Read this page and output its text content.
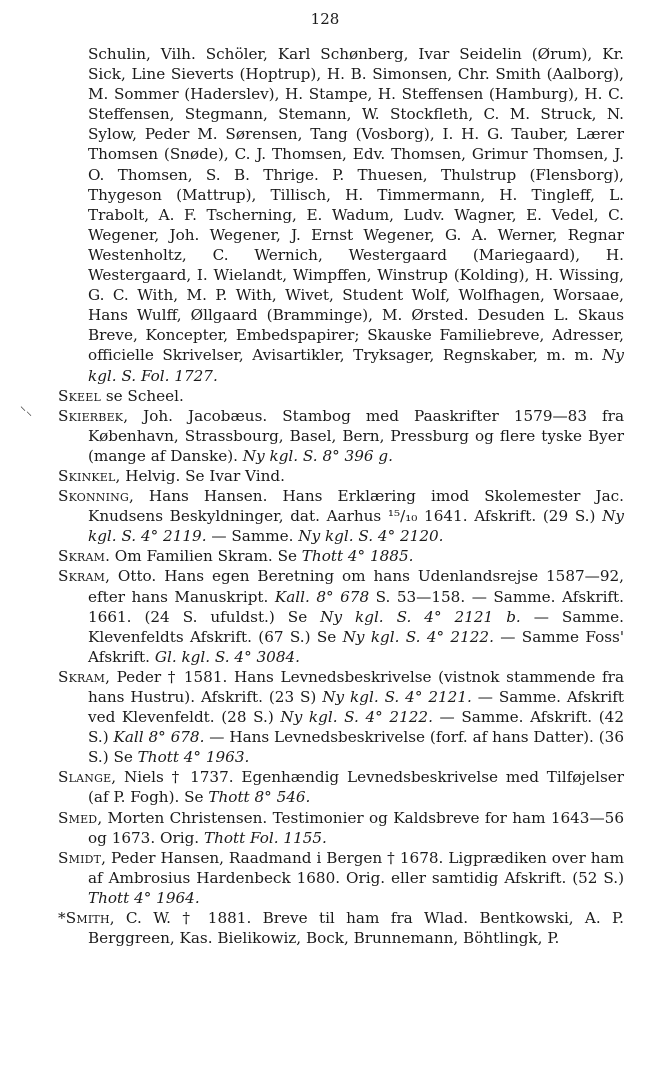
128
⸌⸜

Schulin, Vilh. Schöler, Karl Schønberg, Ivar Seidelin (Ørum), Kr. Sick, Line Sieverts (Hoptrup), H. B. Simonsen, Chr. Smith (Aalborg), M. Sommer (Haderslev), H. Stampe, H. Steffensen (Hamburg), H. C. Steffensen, Stegmann, Stemann, W. Stockfleth, C. M. Struck, N. Sylow, Peder M. Sørensen, Tang (Vosborg), I. H. G. Tauber, Lærer Thomsen (Snøde), C. J. Thomsen, Edv. Thomsen, Grimur Thomsen, J. O. Thomsen, S. B. Thrige. P. Thuesen, Thulstrup (Flensborg), Thygeson (Mattrup), Tillisch, H. Timmermann, H. Tingleff, L. Trabolt, A. F. Tscherning, E. Wadum, Ludv. Wagner, E. Vedel, C. Wegener, Joh. Wegener, J. Ernst Wegener, G. A. Werner, Regnar Westenholtz, C. Wernich, Westergaard (Mariegaard), H. Westergaard, I. Wielandt, Wimpffen, Winstrup (Kolding), H. Wissing, G. C. With, M. P. With, Wivet, Student Wolf, Wolfhagen, Worsaae, Hans Wulff, Øllgaard (Bramminge), M. Ørsted. Desuden L. Skaus Breve, Koncepter, Embedspapirer; Skauske Familiebreve, Adresser, officielle Skrivelser, Avisartikler, Tryksager, Regnskaber, m. m. Ny kgl. S. Fol. 1727.

Skeel se Scheel.

Skierbek, Joh. Jacobæus. Stambog med Paaskrifter 1579—83 fra København, Strassbourg, Basel, Bern, Pressburg og flere tyske Byer (mange af Danske). Ny kgl. S. 8° 396 g.

Skinkel, Helvig. Se Ivar Vind.

Skonning, Hans Hansen. Hans Erklæring imod Skolemester Jac. Knudsens Beskyldninger, dat. Aarhus ¹⁵/₁₀ 1641. Afskrift. (29 S.) Ny kgl. S. 4° 2119. — Samme. Ny kgl. S. 4° 2120.

Skram. Om Familien Skram. Se Thott 4° 1885.

Skram, Otto. Hans egen Beretning om hans Udenlandsrejse 1587—92, efter hans Manuskript. Kall. 8° 678 S. 53—158. — Samme. Afskrift. 1661. (24 S. ufuldst.) Se Ny kgl. S. 4° 2121 b. — Samme. Klevenfeldts Afskrift. (67 S.) Se Ny kgl. S. 4° 2122. — Samme Foss' Afskrift. Gl. kgl. S. 4° 3084.

Skram, Peder † 1581. Hans Levnedsbeskrivelse (vistnok stammende fra hans Hustru). Afskrift. (23 S) Ny kgl. S. 4° 2121. — Samme. Afskrift ved Klevenfeldt. (28 S.) Ny kgl. S. 4° 2122. — Samme. Afskrift. (42 S.) Kall 8° 678. — Hans Levnedsbeskrivelse (forf. af hans Datter). (36 S.) Se Thott 4° 1963.

Slange, Niels † 1737. Egenhændig Levnedsbeskrivelse med Tilføjelser (af P. Fogh). Se Thott 8° 546.

Smed, Morten Christensen. Testimonier og Kaldsbreve for ham 1643—56 og 1673. Orig. Thott Fol. 1155.

Smidt, Peder Hansen, Raadmand i Bergen † 1678. Ligprædiken over ham af Ambrosius Hardenbeck 1680. Orig. eller samtidig Afskrift. (52 S.) Thott 4° 1964.

*Smith, C. W. † 1881. Breve til ham fra Wlad. Bentkowski, A. P. Berggreen, Kas. Bielikowiz, Bock, Brunnemann, Böhtlingk, P.
